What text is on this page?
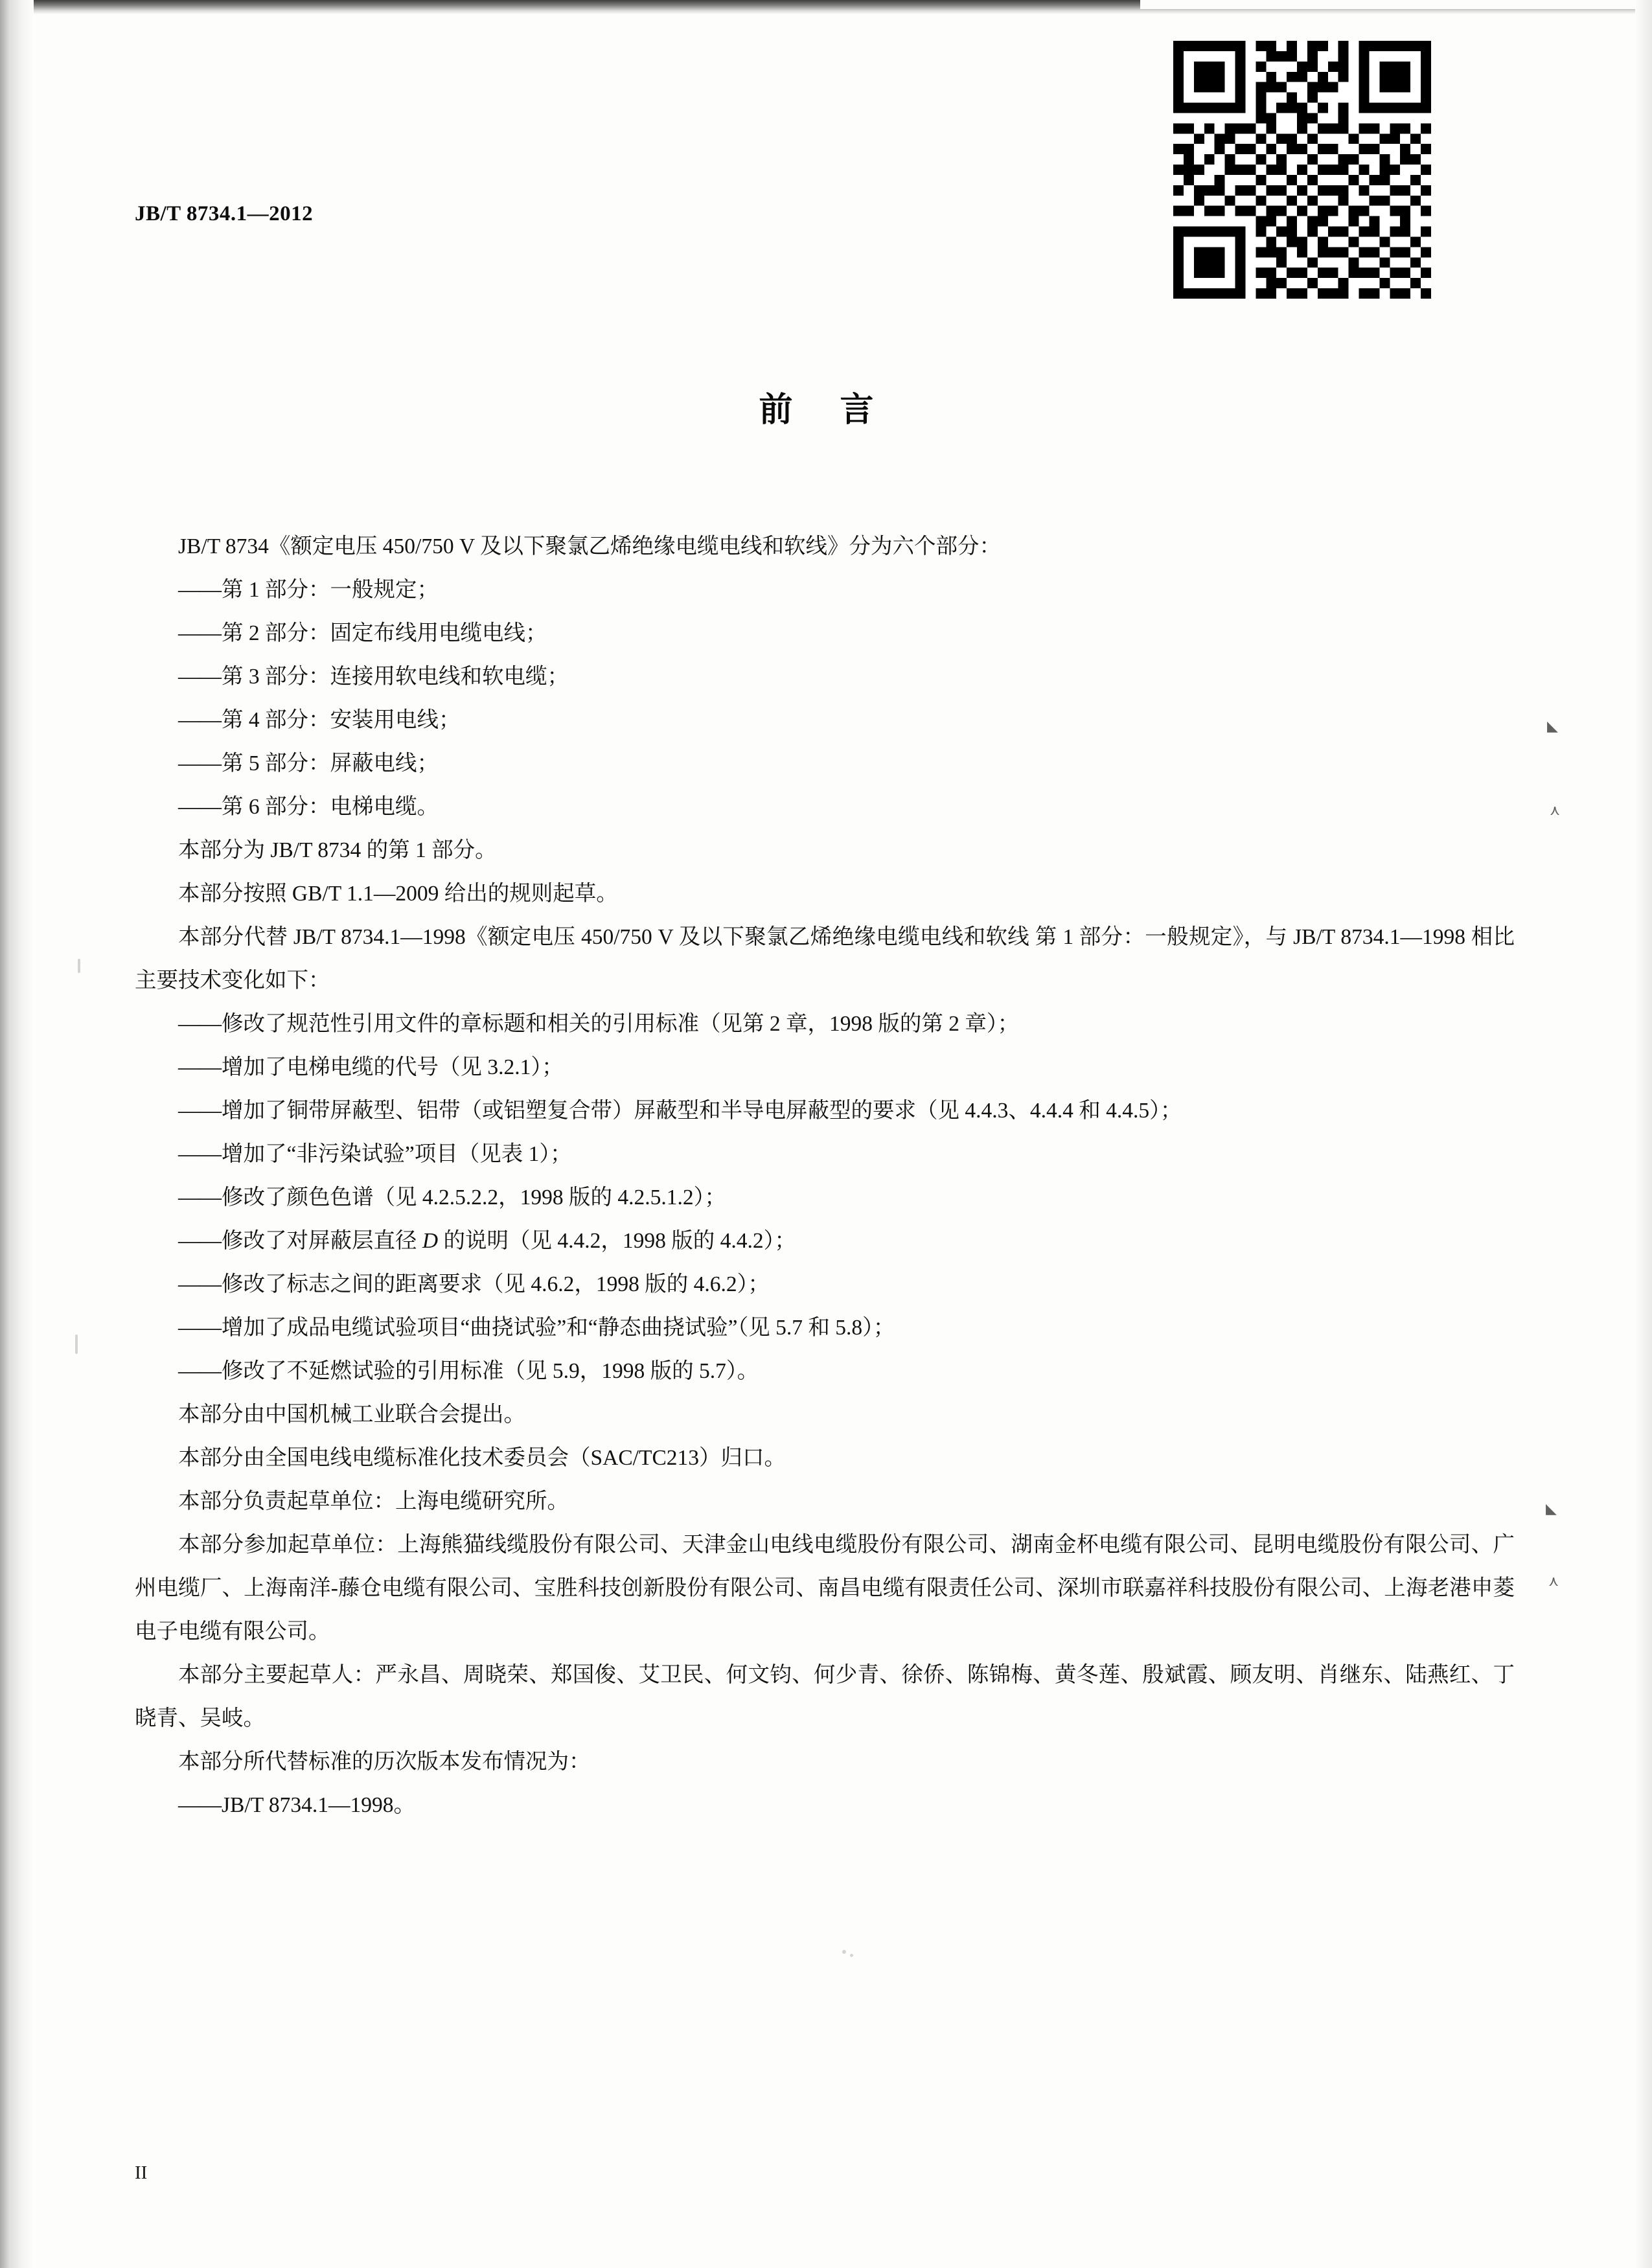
JB/T 8734.1—2012
前 言
JB/T 8734《额定电压 450/750 V 及以下聚氯乙烯绝缘电缆电线和软线》分为六个部分：
——第 1 部分：一般规定；
——第 2 部分：固定布线用电缆电线；
——第 3 部分：连接用软电线和软电缆；
——第 4 部分：安装用电线；
——第 5 部分：屏蔽电线；
——第 6 部分：电梯电缆。
本部分为 JB/T 8734 的第 1 部分。
本部分按照 GB/T 1.1—2009 给出的规则起草。
本部分代替 JB/T 8734.1—1998《额定电压 450/750 V 及以下聚氯乙烯绝缘电缆电线和软线 第 1 部分：一般规定》，与 JB/T 8734.1—1998 相比主要技术变化如下：
——修改了规范性引用文件的章标题和相关的引用标准（见第 2 章，1998 版的第 2 章）；
——增加了电梯电缆的代号（见 3.2.1）；
——增加了铜带屏蔽型、铝带（或铝塑复合带）屏蔽型和半导电屏蔽型的要求（见 4.4.3、4.4.4 和 4.4.5）；
——增加了“非污染试验”项目（见表 1）；
——修改了颜色色谱（见 4.2.5.2.2，1998 版的 4.2.5.1.2）；
——修改了对屏蔽层直径 D 的说明（见 4.4.2，1998 版的 4.4.2）；
——修改了标志之间的距离要求（见 4.6.2，1998 版的 4.6.2）；
——增加了成品电缆试验项目“曲挠试验”和“静态曲挠试验”（见 5.7 和 5.8）；
——修改了不延燃试验的引用标准（见 5.9，1998 版的 5.7）。
本部分由中国机械工业联合会提出。
本部分由全国电线电缆标准化技术委员会（SAC/TC213）归口。
本部分负责起草单位：上海电缆研究所。
本部分参加起草单位：上海熊猫线缆股份有限公司、天津金山电线电缆股份有限公司、湖南金杯电缆有限公司、昆明电缆股份有限公司、广州电缆厂、上海南洋-藤仓电缆有限公司、宝胜科技创新股份有限公司、南昌电缆有限责任公司、深圳市联嘉祥科技股份有限公司、上海老港申菱电子电缆有限公司。
本部分主要起草人：严永昌、周晓荣、郑国俊、艾卫民、何文钧、何少青、徐侨、陈锦梅、黄冬莲、殷斌霞、顾友明、肖继东、陆燕红、丁晓青、吴岐。
本部分所代替标准的历次版本发布情况为：
——JB/T 8734.1—1998。
II
◣
⋏
◣
⋏
